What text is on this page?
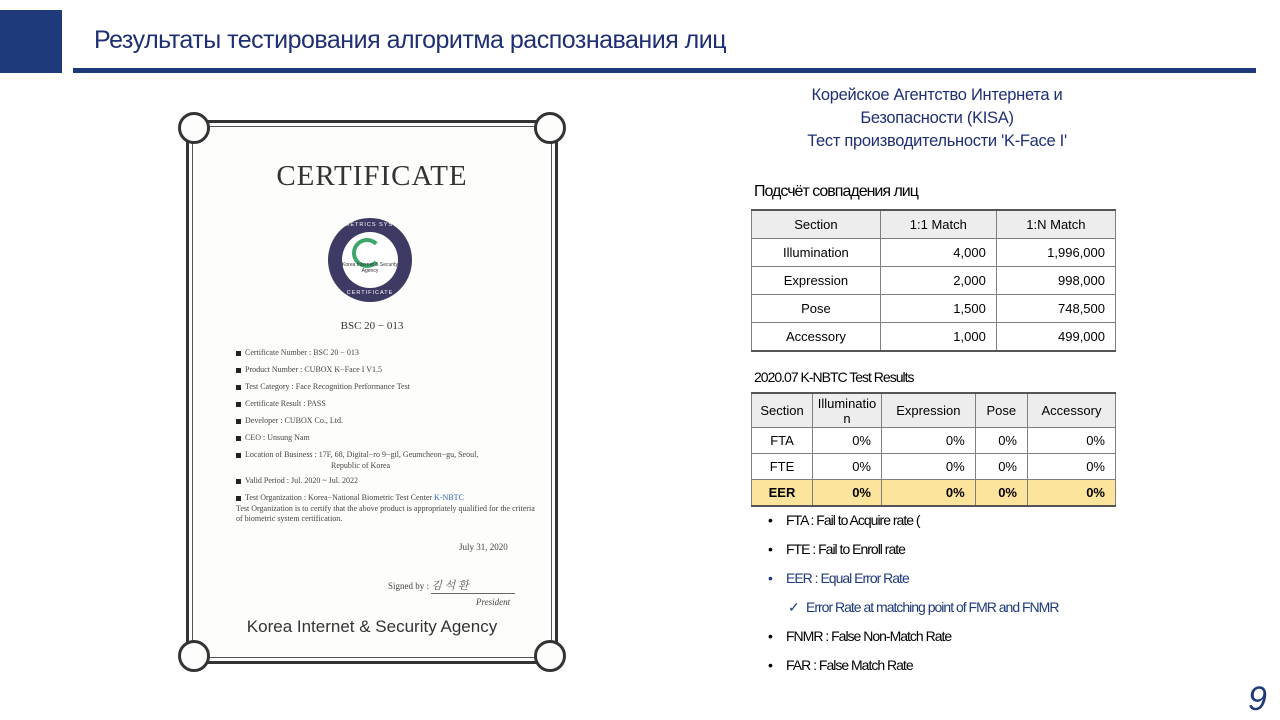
Результаты тестирования алгоритма распознавания лиц
CERTIFICATE
BIOMETRICS SYSTEM
Korea Internet & Security Agency
CERTIFICATE
BSC 20 − 013
Certificate Number : BSC 20 − 013
Product Number : CUBOX K−Face I V1.5
Test Category : Face Recognition Performance Test
Certificate Result : PASS
Developer : CUBOX Co., Ltd.
CEO : Unsung Nam
Location of Business : 17F, 68, Digital−ro 9−gil, Geumcheon−gu, Seoul,
Republic of Korea
Valid Period : Jul. 2020 ~ Jul. 2022
Test Organization : Korea−National Biometric Test Center K-NBTC
Test Organization is to certify that the above product is appropriately qualified for the criteria of biometric system certification.
July 31, 2020
Signed by : 김 석 환
President
Korea Internet & Security Agency
Корейское Агентство Интернета и
Безопасности (KISA)
Тест производительности 'K-Face I'
Подсчёт совпадения лиц
Section	1:1 Match	1:N Match
Illumination	4,000	1,996,000
Expression	2,000	998,000
Pose	1,500	748,500
Accessory	1,000	499,000
2020.07 K-NBTC Test Results
Section	Illuminatio n	Expression	Pose	Accessory
FTA	0%	0%	0%	0%
FTE	0%	0%	0%	0%
EER	0%	0%	0%	0%
• FTA : Fail to Acquire rate (
• FTE : Fail to Enroll rate
• EER : Equal Error Rate
✓ Error Rate at matching point of FMR and FNMR
• FNMR : False Non-Match Rate
• FAR : False Match Rate
9
